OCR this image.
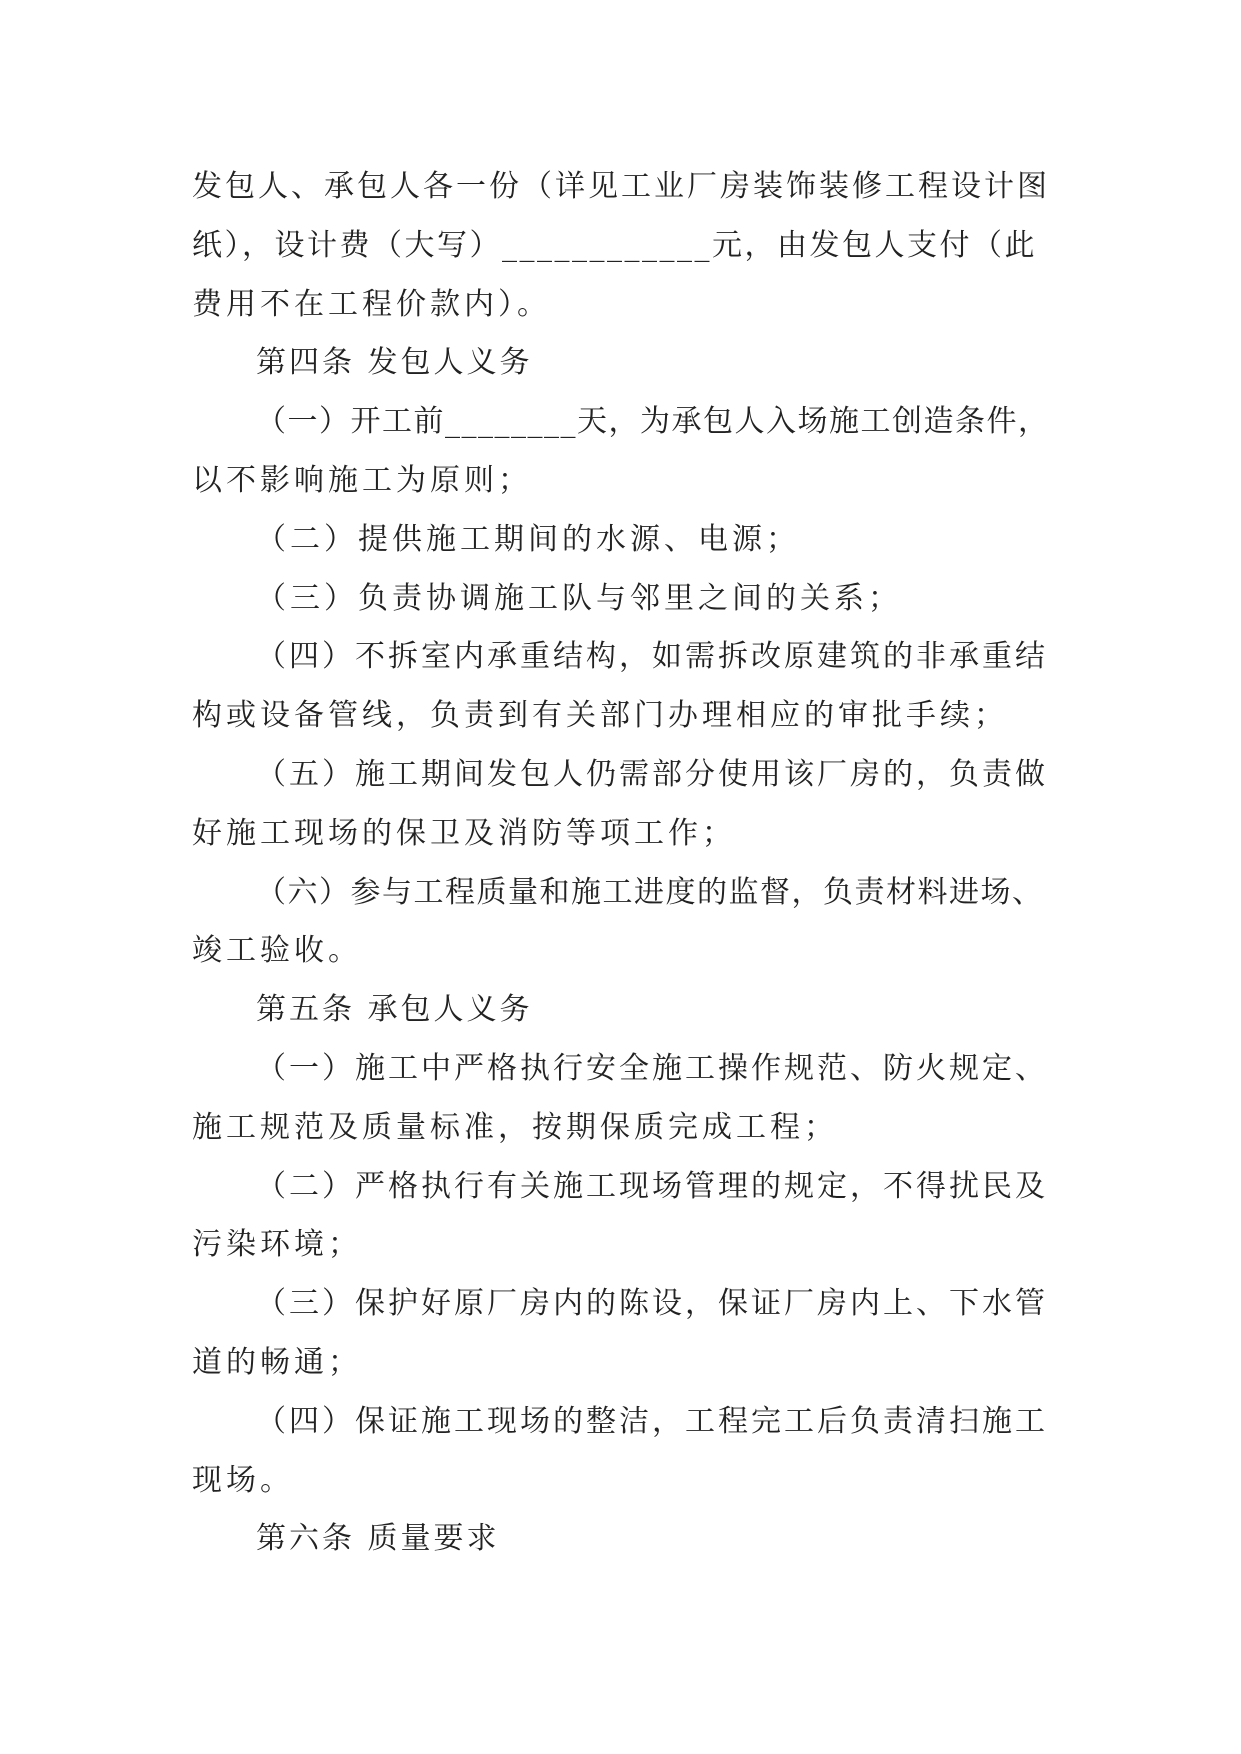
发包人、承包人各一份（详见工业厂房装饰装修工程设计图
纸），设计费（大写）____________元，由发包人支付（此
费用不在工程价款内）。
第四条 发包人义务
（一）开工前________天，为承包人入场施工创造条件，
以不影响施工为原则；
（二）提供施工期间的水源、电源；
（三）负责协调施工队与邻里之间的关系；
（四）不拆室内承重结构，如需拆改原建筑的非承重结
构或设备管线，负责到有关部门办理相应的审批手续；
（五）施工期间发包人仍需部分使用该厂房的，负责做
好施工现场的保卫及消防等项工作；
（六）参与工程质量和施工进度的监督，负责材料进场、
竣工验收。
第五条 承包人义务
（一）施工中严格执行安全施工操作规范、防火规定、
施工规范及质量标准，按期保质完成工程；
（二）严格执行有关施工现场管理的规定，不得扰民及
污染环境；
（三）保护好原厂房内的陈设，保证厂房内上、下水管
道的畅通；
（四）保证施工现场的整洁，工程完工后负责清扫施工
现场。
第六条 质量要求
